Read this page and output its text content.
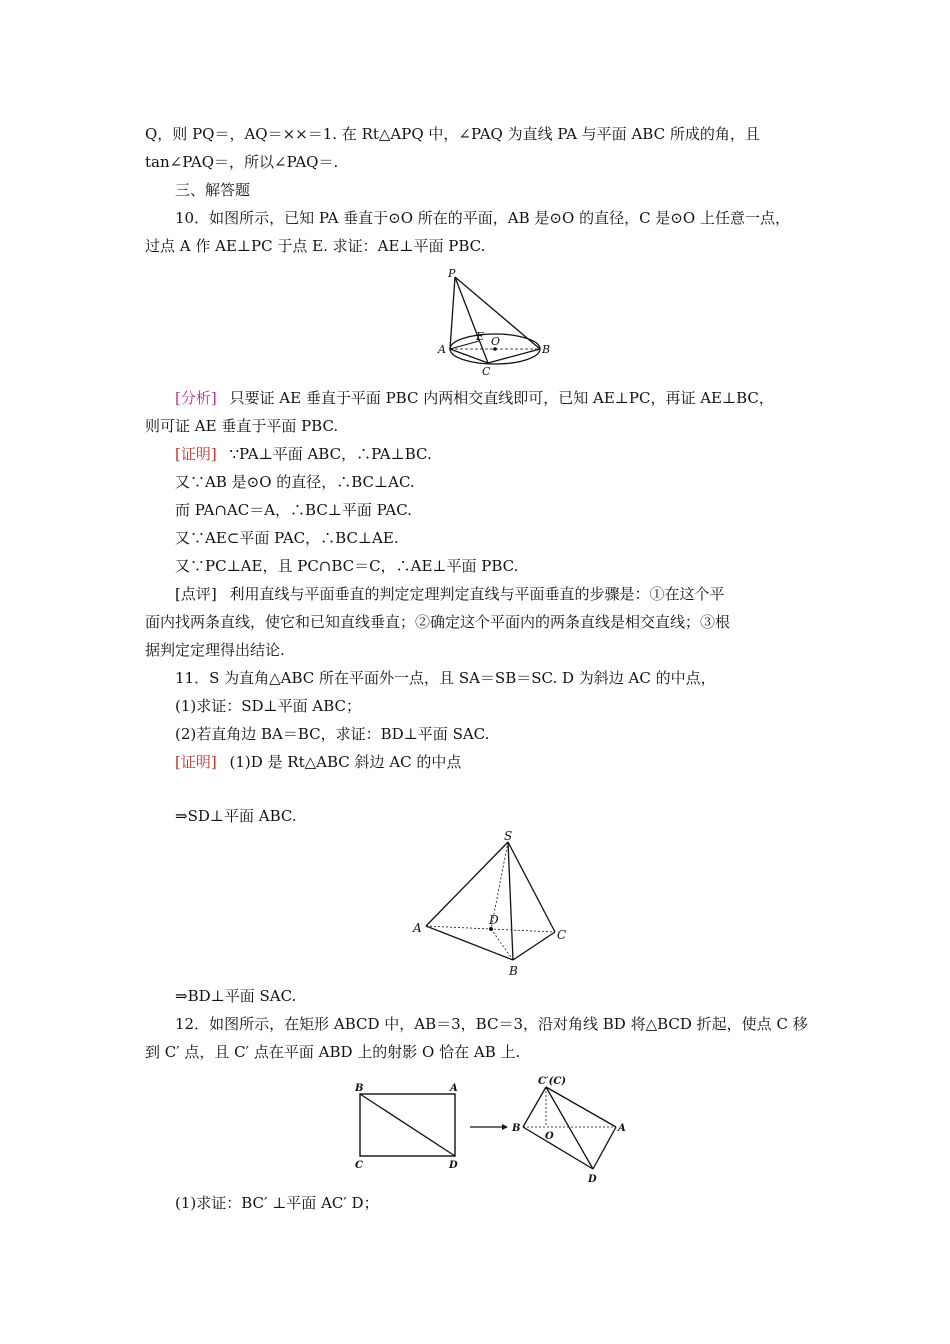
Q，则 PQ＝，AQ＝××＝1. 在 Rt△APQ 中，∠PAQ 为直线 PA 与平面 ABC 所成的角，且
tan∠PAQ＝，所以∠PAQ＝.
三、解答题
10．如图所示，已知 PA 垂直于⊙O 所在的平面，AB 是⊙O 的直径，C 是⊙O 上任意一点，
过点 A 作 AE⊥PC 于点 E. 求证：AE⊥平面 PBC.
P
A	B
C
E O
[分析] 只要证 AE 垂直于平面 PBC 内两相交直线即可，已知 AE⊥PC，再证 AE⊥BC，
则可证 AE 垂直于平面 PBC.
[证明] ∵PA⊥平面 ABC，∴PA⊥BC.
又∵AB 是⊙O 的直径，∴BC⊥AC.
而 PA∩AC＝A，∴BC⊥平面 PAC.
又∵AE⊂平面 PAC，∴BC⊥AE.
又∵PC⊥AE，且 PC∩BC＝C，∴AE⊥平面 PBC.
[点评] 利用直线与平面垂直的判定定理判定直线与平面垂直的步骤是：①在这个平
面内找两条直线，使它和已知直线垂直；②确定这个平面内的两条直线是相交直线；③根
据判定定理得出结论.
11．S 为直角△ABC 所在平面外一点，且 SA＝SB＝SC. D 为斜边 AC 的中点，
(1)求证：SD⊥平面 ABC；
(2)若直角边 BA＝BC，求证：BD⊥平面 SAC.
[证明] (1)D 是 Rt△ABC 斜边 AC 的中点
⇒SD⊥平面 ABC.
S
A
B
C
D
⇒BD⊥平面 SAC.
12．如图所示，在矩形 ABCD 中，AB＝3，BC＝3，沿对角线 BD 将△BCD 折起，使点 C 移
到 C′ 点，且 C′ 点在平面 ABD 上的射影 O 恰在 AB 上.
B	A
C	D
C′(C)
B	A
O
D
(1)求证：BC′ ⊥平面 AC′ D；
